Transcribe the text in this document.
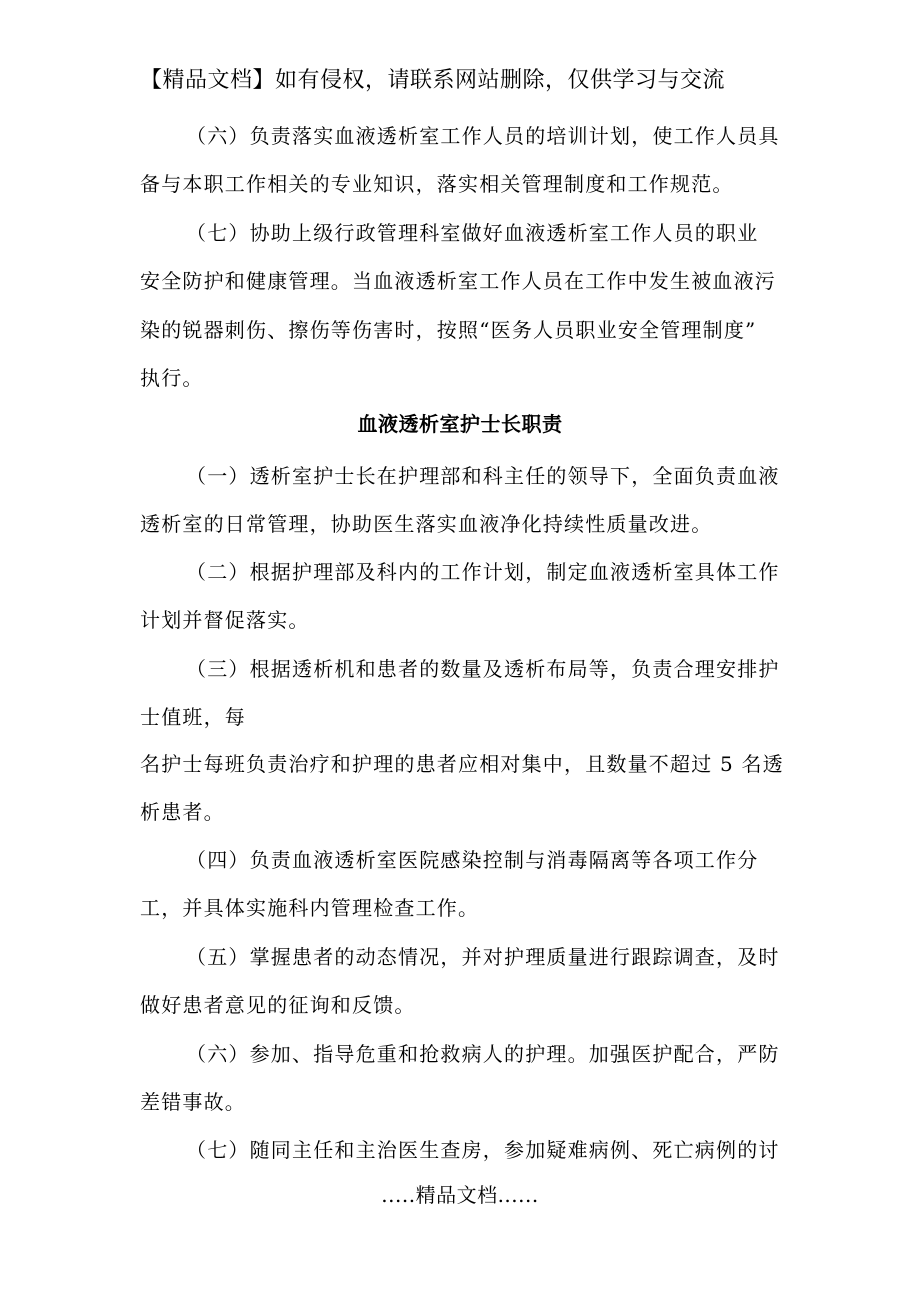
【精品文档】如有侵权，请联系网站删除，仅供学习与交流
（六）负责落实血液透析室工作人员的培训计划，使工作人员具
备与本职工作相关的专业知识，落实相关管理制度和工作规范。
（七）协助上级行政管理科室做好血液透析室工作人员的职业
安全防护和健康管理。当血液透析室工作人员在工作中发生被血液污
染的锐器刺伤、擦伤等伤害时，按照“医务人员职业安全管理制度”
执行。
血液透析室护士长职责
（一）透析室护士长在护理部和科主任的领导下，全面负责血液
透析室的日常管理，协助医生落实血液净化持续性质量改进。
（二）根据护理部及科内的工作计划，制定血液透析室具体工作
计划并督促落实。
（三）根据透析机和患者的数量及透析布局等，负责合理安排护
士值班，每
名护士每班负责治疗和护理的患者应相对集中，且数量不超过 5 名透
析患者。
（四）负责血液透析室医院感染控制与消毒隔离等各项工作分
工，并具体实施科内管理检查工作。
（五）掌握患者的动态情况，并对护理质量进行跟踪调查，及时
做好患者意见的征询和反馈。
（六）参加、指导危重和抢救病人的护理。加强医护配合，严防
差错事故。
（七）随同主任和主治医生查房，参加疑难病例、死亡病例的讨
.....精品文档......
